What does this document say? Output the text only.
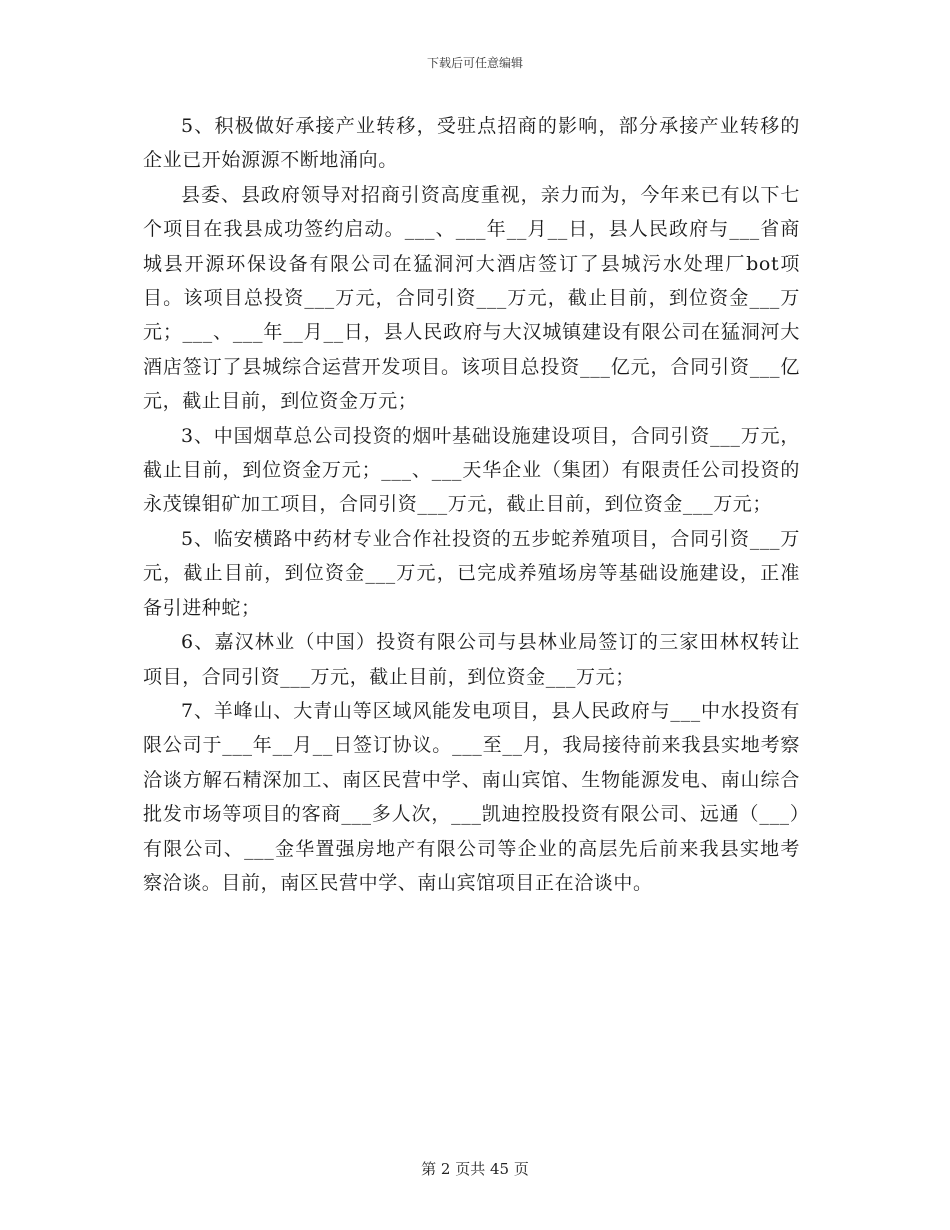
下载后可任意编辑

5、积极做好承接产业转移，受驻点招商的影响，部分承接产业转移的企业已开始源源不断地涌向。

县委、县政府领导对招商引资高度重视，亲力而为，今年来已有以下七个项目在我县成功签约启动。___、___年__月__日，县人民政府与___省商城县开源环保设备有限公司在猛洞河大酒店签订了县城污水处理厂bot项目。该项目总投资___万元，合同引资___万元，截止目前，到位资金___万元；___、___年__月__日，县人民政府与大汉城镇建设有限公司在猛洞河大酒店签订了县城综合运营开发项目。该项目总投资___亿元，合同引资___亿元，截止目前，到位资金万元；

3、中国烟草总公司投资的烟叶基础设施建设项目，合同引资___万元，截止目前，到位资金万元；___、___天华企业（集团）有限责任公司投资的永茂镍钼矿加工项目，合同引资___万元，截止目前，到位资金___万元；

5、临安横路中药材专业合作社投资的五步蛇养殖项目，合同引资___万元，截止目前，到位资金___万元，已完成养殖场房等基础设施建设，正准备引进种蛇；

6、嘉汉林业（中国）投资有限公司与县林业局签订的三家田林权转让项目，合同引资___万元，截止目前，到位资金___万元；

7、羊峰山、大青山等区域风能发电项目，县人民政府与___中水投资有限公司于___年__月__日签订协议。___至__月，我局接待前来我县实地考察洽谈方解石精深加工、南区民营中学、南山宾馆、生物能源发电、南山综合批发市场等项目的客商___多人次，___凯迪控股投资有限公司、远通（___）有限公司、___金华置强房地产有限公司等企业的高层先后前来我县实地考察洽谈。目前，南区民营中学、南山宾馆项目正在洽谈中。

第 2 页共 45 页
